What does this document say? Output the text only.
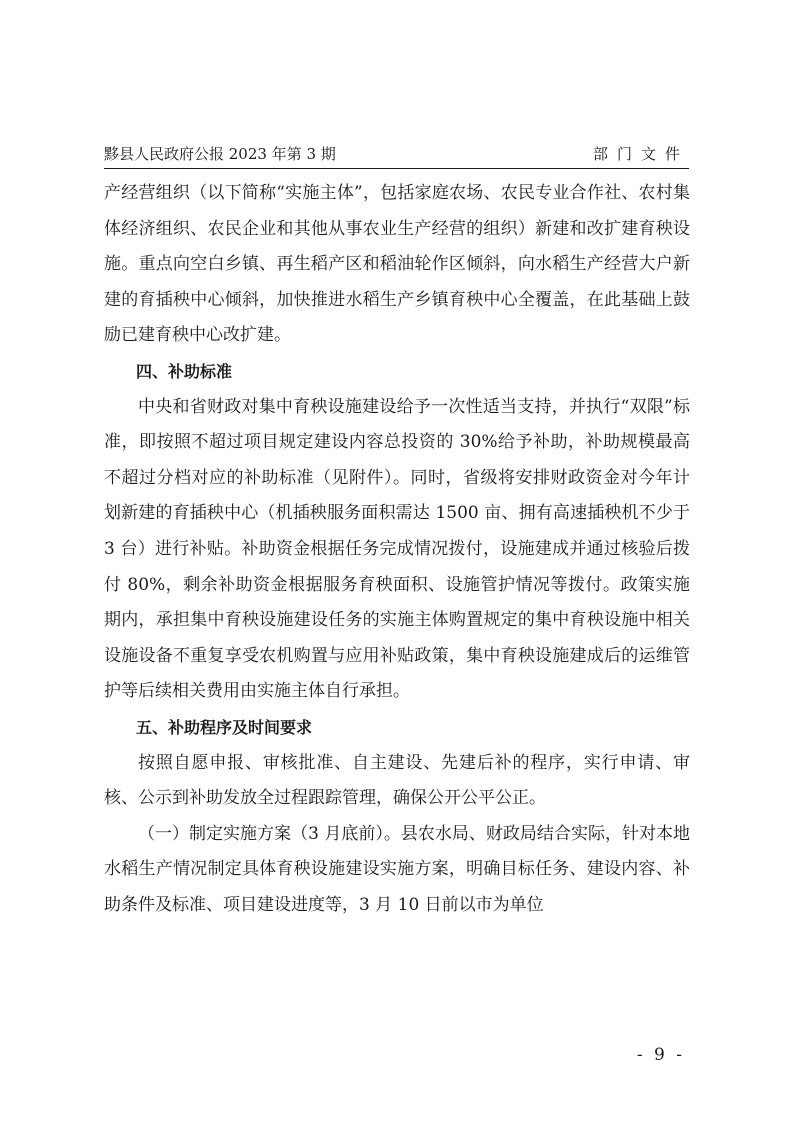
黟县人民政府公报 2023 年第 3 期	部门文件

产经营组织（以下简称“实施主体”，包括家庭农场、农民专业合作社、农村集体经济组织、农民企业和其他从事农业生产经营的组织）新建和改扩建育秧设施。重点向空白乡镇、再生稻产区和稻油轮作区倾斜，向水稻生产经营大户新建的育插秧中心倾斜，加快推进水稻生产乡镇育秧中心全覆盖，在此基础上鼓励已建育秧中心改扩建。

四、补助标准

中央和省财政对集中育秧设施建设给予一次性适当支持，并执行“双限”标准，即按照不超过项目规定建设内容总投资的 30%给予补助，补助规模最高不超过分档对应的补助标准（见附件）。同时，省级将安排财政资金对今年计划新建的育插秧中心（机插秧服务面积需达 1500 亩、拥有高速插秧机不少于 3 台）进行补贴。补助资金根据任务完成情况拨付，设施建成并通过核验后拨付 80%，剩余补助资金根据服务育秧面积、设施管护情况等拨付。政策实施期内，承担集中育秧设施建设任务的实施主体购置规定的集中育秧设施中相关设施设备不重复享受农机购置与应用补贴政策，集中育秧设施建成后的运维管护等后续相关费用由实施主体自行承担。

五、补助程序及时间要求

按照自愿申报、审核批准、自主建设、先建后补的程序，实行申请、审核、公示到补助发放全过程跟踪管理，确保公开公平公正。

（一）制定实施方案（3 月底前）。县农水局、财政局结合实际，针对本地水稻生产情况制定具体育秧设施建设实施方案，明确目标任务、建设内容、补助条件及标准、项目建设进度等，3 月 10 日前以市为单位

- 9 -
